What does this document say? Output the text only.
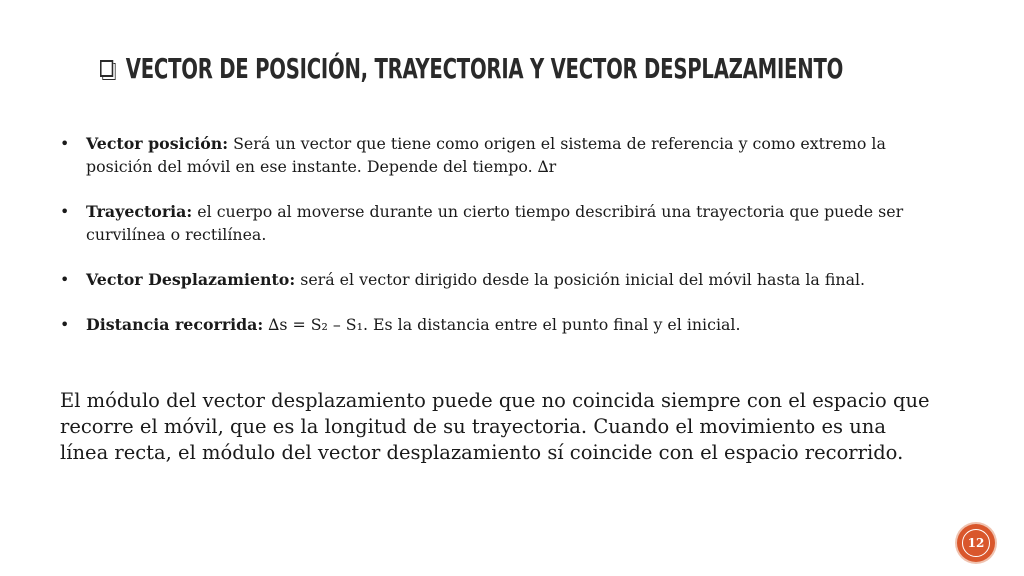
VECTOR DE POSICIÓN, TRAYECTORIA Y VECTOR DESPLAZAMIENTO
• Vector posición: Será un vector que tiene como origen el sistema de referencia y como extremo la posición del móvil en ese instante. Depende del tiempo. ∆r
• Trayectoria: el cuerpo al moverse durante un cierto tiempo describirá una trayectoria que puede ser curvilínea o rectilínea.
• Vector Desplazamiento: será el vector dirigido desde la posición inicial del móvil hasta la final.
• Distancia recorrida: ∆s = S₂ – S₁. Es la distancia entre el punto final y el inicial.
El módulo del vector desplazamiento puede que no coincida siempre con el espacio que recorre el móvil, que es la longitud de su trayectoria. Cuando el movimiento es una línea recta, el módulo del vector desplazamiento sí coincide con el espacio recorrido.
12
